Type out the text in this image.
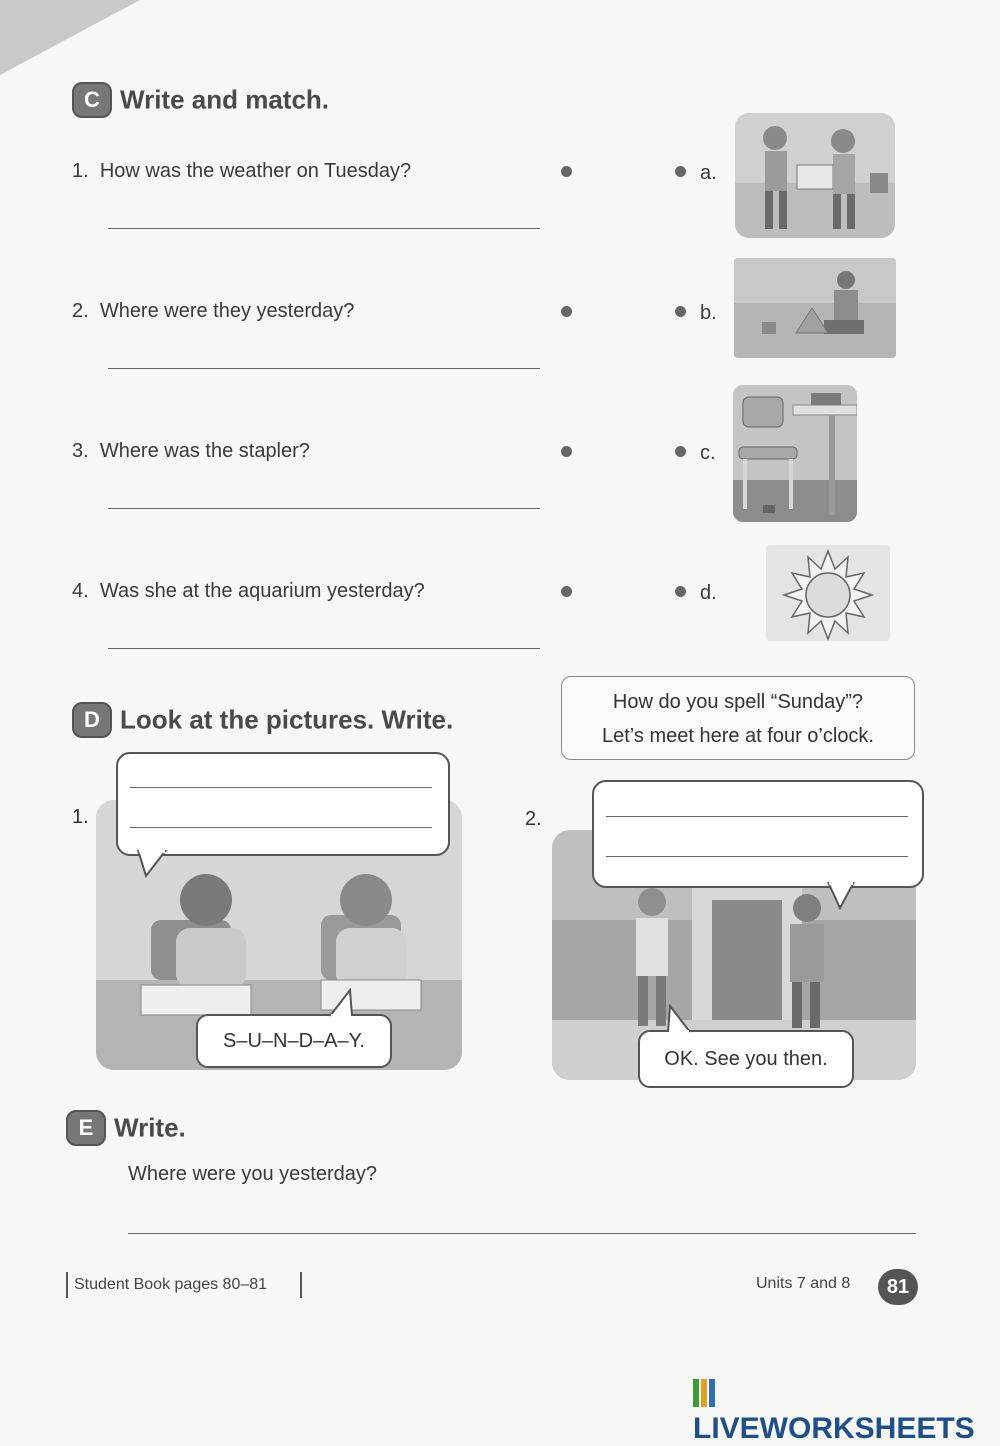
C Write and match.
1. How was the weather on Tuesday?	a.
2. Where were they yesterday?	b.
3. Where was the stapler?	c.
4. Was she at the aquarium yesterday?	d.
D Look at the pictures. Write.
How do you spell “Sunday”?
Let’s meet here at four o’clock.
1.
S–U–N–D–A–Y.
2.
OK. See you then.
E Write.
Where were you yesterday?
Student Book pages 80–81	Units 7 and 8	81
LIVEWORKSHEETS
